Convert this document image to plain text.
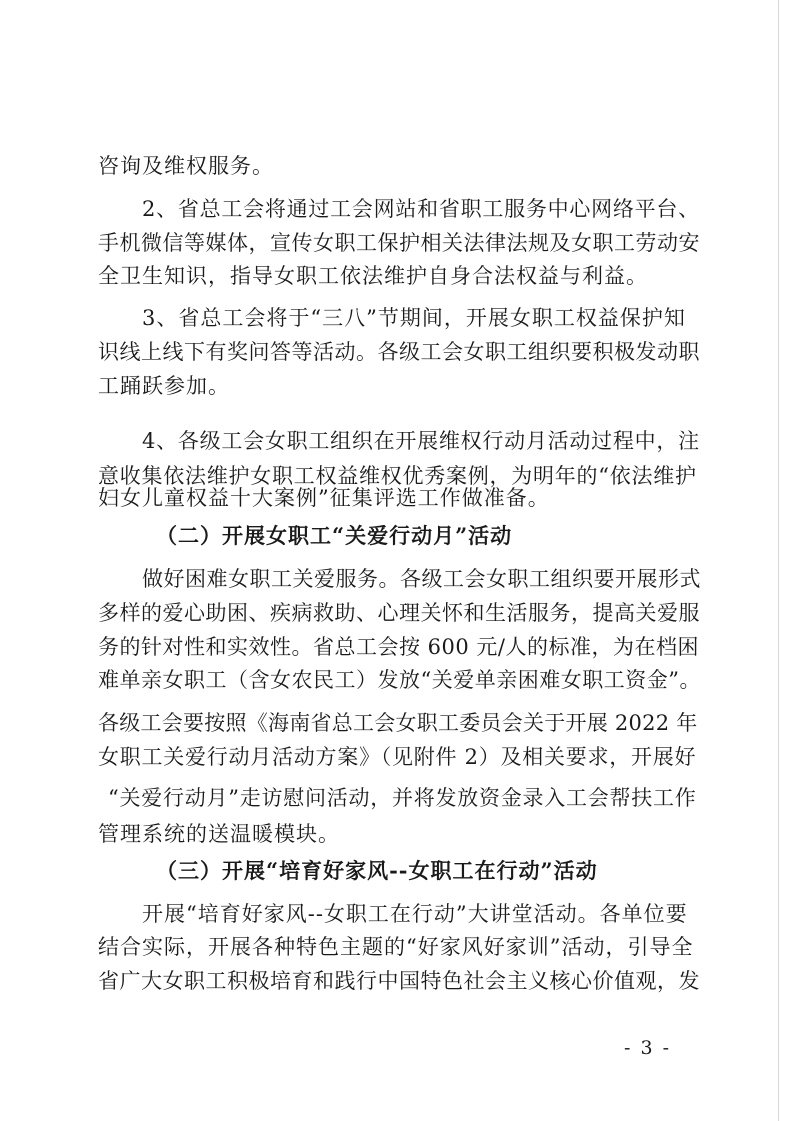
咨询及维权服务。
2、省总工会将通过工会网站和省职工服务中心网络平台、
手机微信等媒体，宣传女职工保护相关法律法规及女职工劳动安
全卫生知识，指导女职工依法维护自身合法权益与利益。
3、省总工会将于“三八”节期间，开展女职工权益保护知
识线上线下有奖问答等活动。各级工会女职工组织要积极发动职
工踊跃参加。
4、各级工会女职工组织在开展维权行动月活动过程中，注
意收集依法维护女职工权益维权优秀案例，为明年的“依法维护
妇女儿童权益十大案例”征集评选工作做准备。
（二）开展女职工“关爱行动月”活动
做好困难女职工关爱服务。各级工会女职工组织要开展形式
多样的爱心助困、疾病救助、心理关怀和生活服务，提高关爱服
务的针对性和实效性。省总工会按 600 元/人的标准，为在档困
难单亲女职工（含女农民工）发放“关爱单亲困难女职工资金”。
各级工会要按照《海南省总工会女职工委员会关于开展 2022 年
女职工关爱行动月活动方案》（见附件 2）及相关要求，开展好
“关爱行动月”走访慰问活动，并将发放资金录入工会帮扶工作
管理系统的送温暖模块。
（三）开展“培育好家风--女职工在行动”活动
开展“培育好家风--女职工在行动”大讲堂活动。各单位要
结合实际，开展各种特色主题的“好家风好家训”活动，引导全
省广大女职工积极培育和践行中国特色社会主义核心价值观，发
- 3 -
